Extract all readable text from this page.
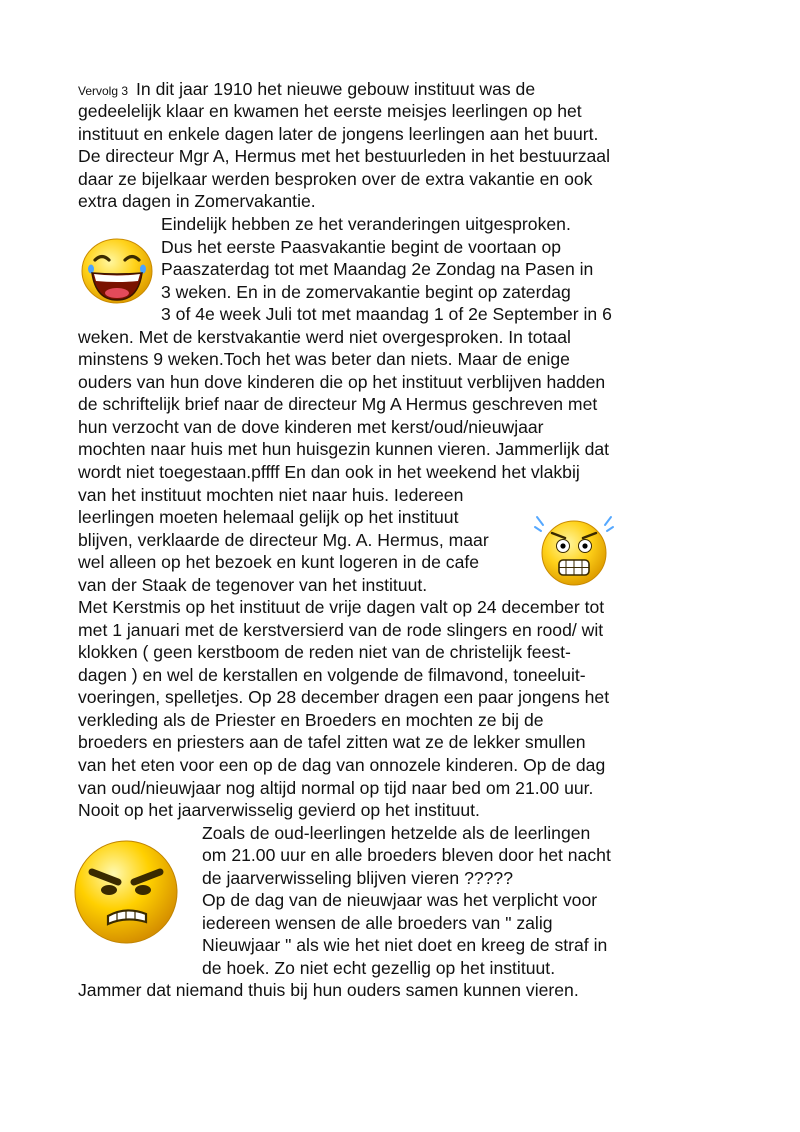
Vervolg 3 In dit jaar 1910 het nieuwe gebouw instituut was de
gedeelelijk klaar en kwamen het eerste meisjes leerlingen op het
instituut en enkele dagen later de jongens leerlingen aan het buurt.
De directeur Mgr A, Hermus met het bestuurleden in het bestuurzaal
daar ze bijelkaar werden besproken over de extra vakantie en ook
extra dagen in Zomervakantie.
Eindelijk hebben ze het veranderingen uitgesproken.
Dus het eerste Paasvakantie begint de voortaan op
Paaszaterdag tot met Maandag 2e Zondag na Pasen in
3 weken. En in de zomervakantie begint op zaterdag
3 of 4e week Juli tot met maandag 1 of 2e September in 6
weken. Met de kerstvakantie werd niet overgesproken. In totaal
minstens 9 weken.Toch het was beter dan niets. Maar de enige
ouders van hun dove kinderen die op het instituut verblijven hadden
de schriftelijk brief naar de directeur Mg A Hermus geschreven met
hun verzocht van de dove kinderen met kerst/oud/nieuwjaar
mochten naar huis met hun huisgezin kunnen vieren. Jammerlijk dat
wordt niet toegestaan.pffff En dan ook in het weekend het vlakbij
van het instituut mochten niet naar huis. Iedereen
leerlingen moeten helemaal gelijk op het instituut
blijven, verklaarde de directeur Mg. A. Hermus, maar
wel alleen op het bezoek en kunt logeren in de cafe
van der Staak de tegenover van het instituut.
Met Kerstmis op het instituut de vrije dagen valt op 24 december tot
met 1 januari met de kerstversierd van de rode slingers en rood/ wit
klokken ( geen kerstboom de reden niet van de christelijk feest-
dagen ) en wel de kerstallen en volgende de filmavond, toneeluit-
voeringen, spelletjes. Op 28 december dragen een paar jongens het
verkleding als de Priester en Broeders en mochten ze bij de
broeders en priesters aan de tafel zitten wat ze de lekker smullen
van het eten voor een op de dag van onnozele kinderen. Op de dag
van oud/nieuwjaar nog altijd normal op tijd naar bed om 21.00 uur.
Nooit op het jaarverwisselig gevierd op het instituut.
Zoals de oud-leerlingen hetzelde als de leerlingen
om 21.00 uur en alle broeders bleven door het nacht
de jaarverwisseling blijven vieren ?????
Op de dag van de nieuwjaar was het verplicht voor
iedereen wensen de alle broeders van " zalig
Nieuwjaar " als wie het niet doet en kreeg de straf in
de hoek. Zo niet echt gezellig op het instituut.
Jammer dat niemand thuis bij hun ouders samen kunnen vieren.
